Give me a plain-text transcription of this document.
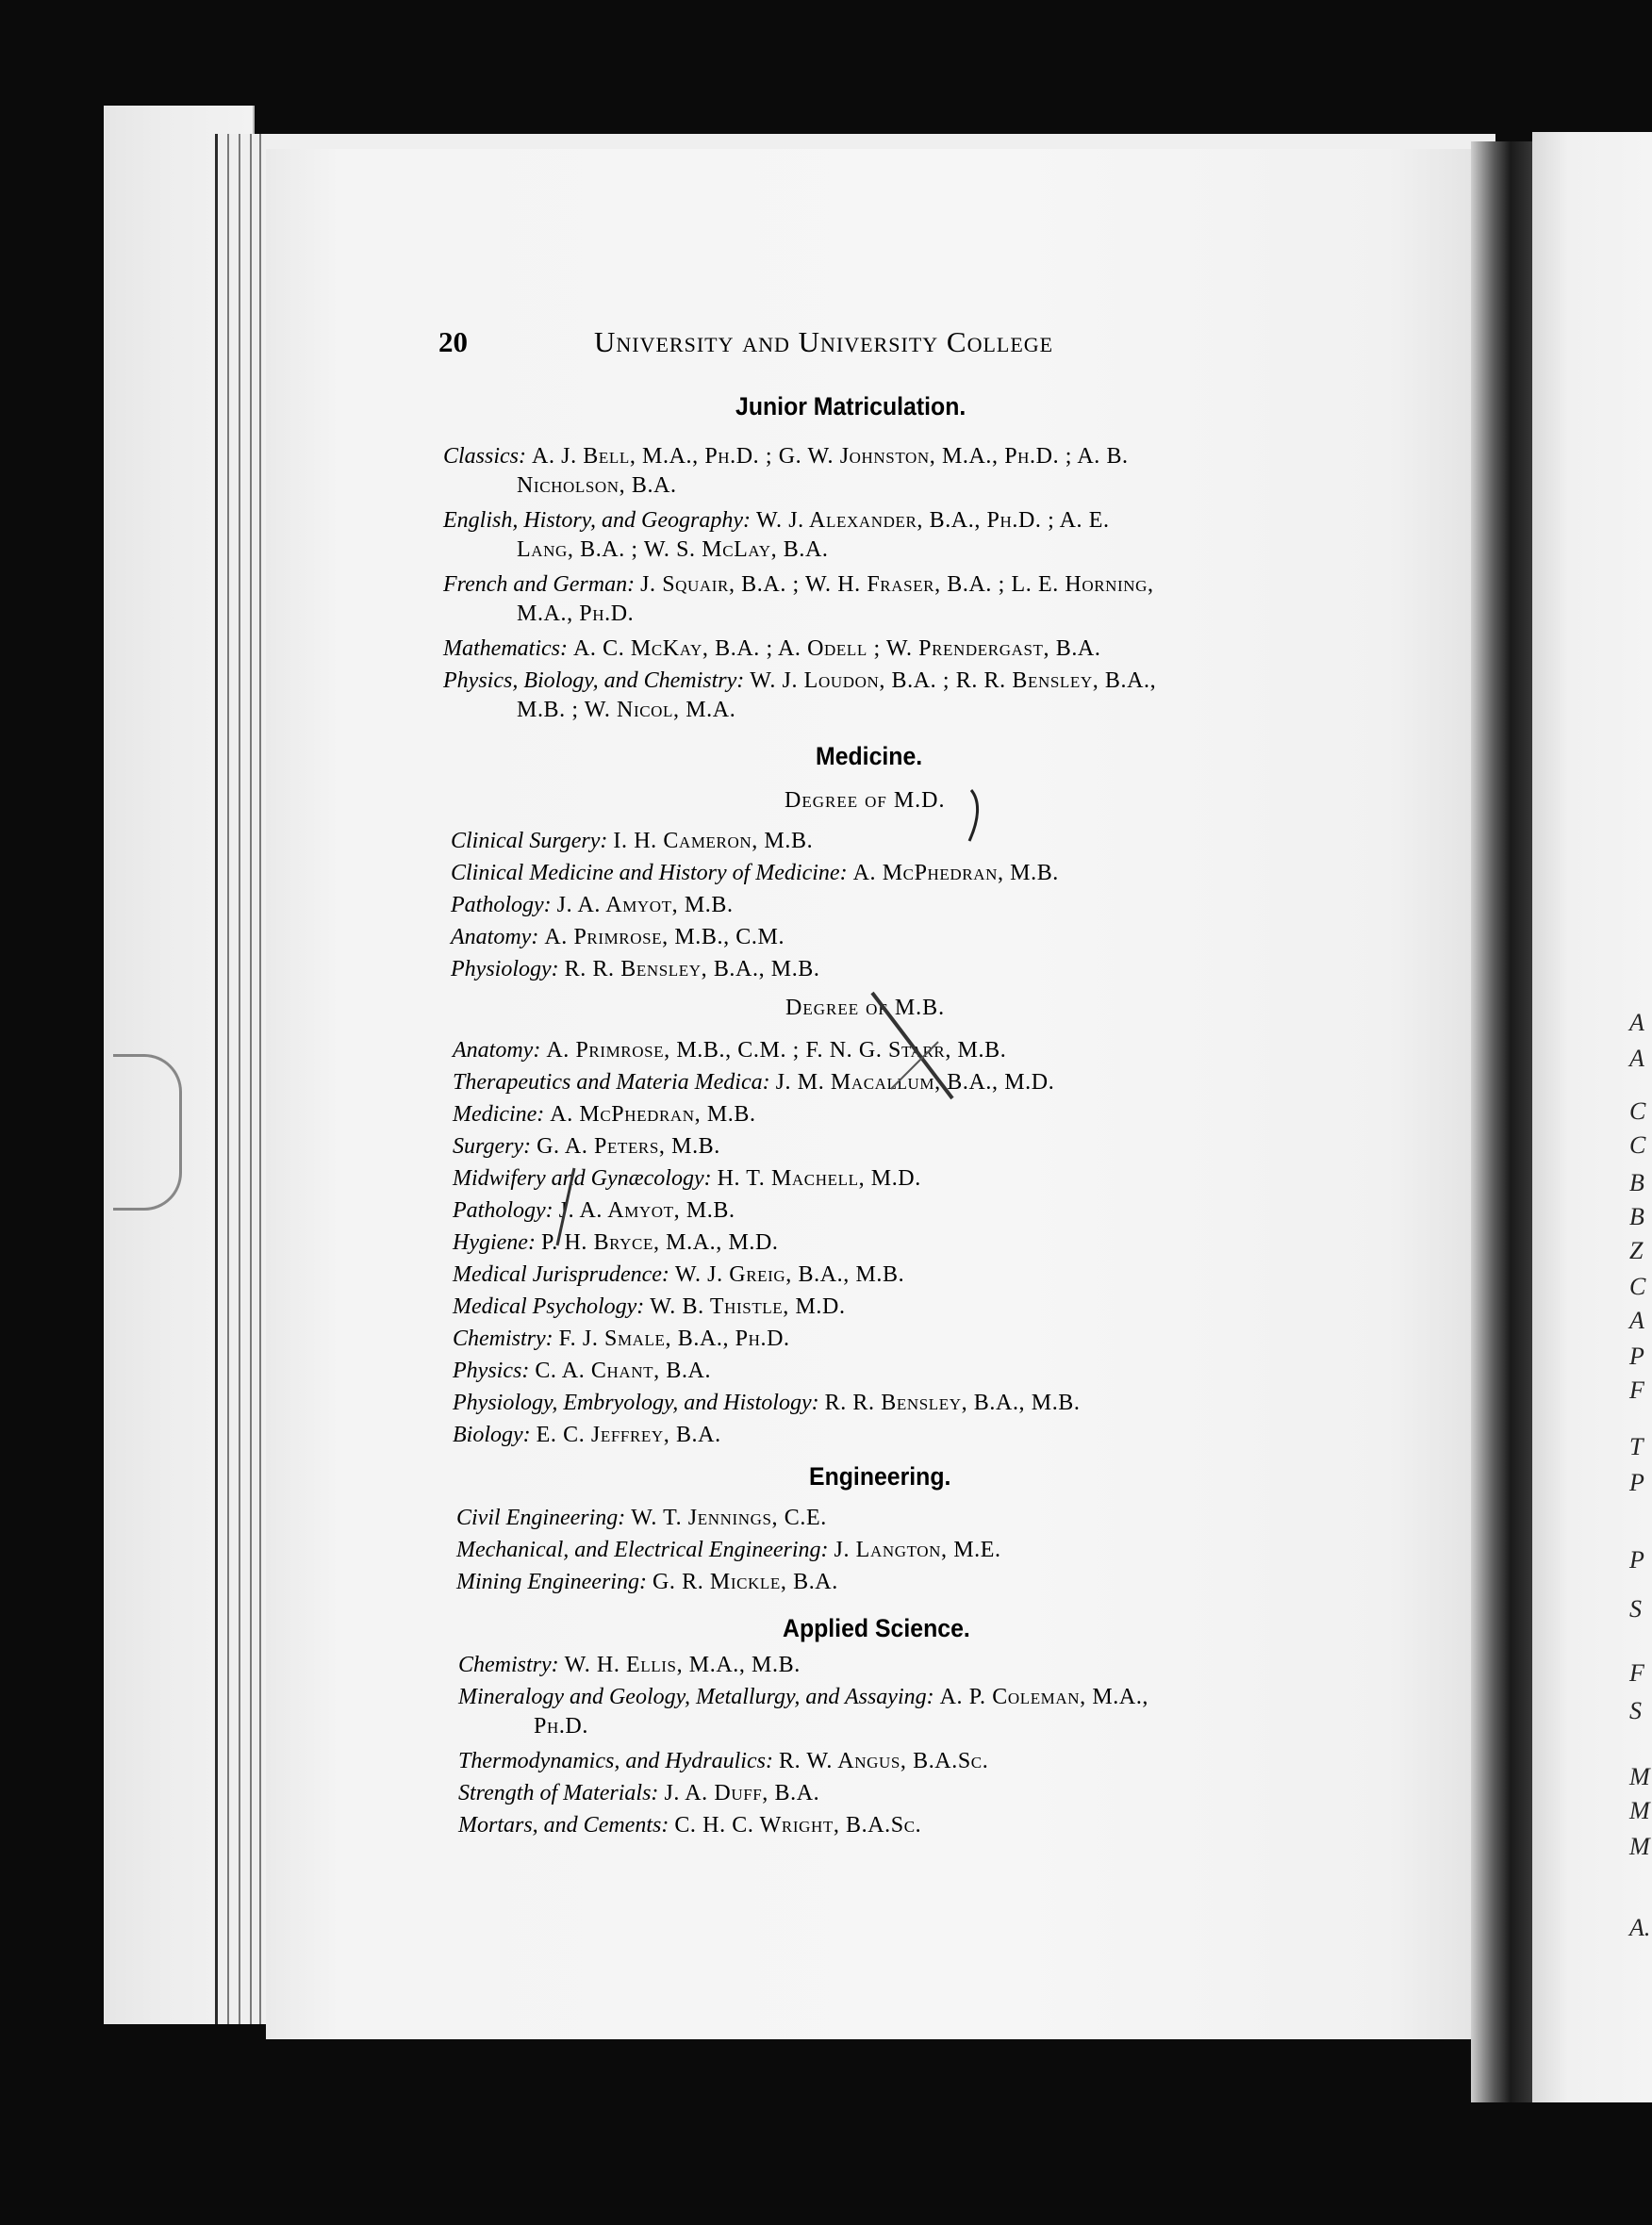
A
A
C
C
B
B
Z
C
A
P
F
T
P
P
S
F
S
M
M
M
A.
20	University and University College
Junior Matriculation.
Classics: A. J. Bell, M.A., Ph.D. ; G. W. Johnston, M.A., Ph.D. ; A. B.
Nicholson, B.A.
English, History, and Geography: W. J. Alexander, B.A., Ph.D. ; A. E.
Lang, B.A. ; W. S. McLay, B.A.
French and German: J. Squair, B.A. ; W. H. Fraser, B.A. ; L. E. Horning,
M.A., Ph.D.
Mathematics: A. C. McKay, B.A. ; A. Odell ; W. Prendergast, B.A.
Physics, Biology, and Chemistry: W. J. Loudon, B.A. ; R. R. Bensley, B.A.,
M.B. ; W. Nicol, M.A.
Medicine.
Degree of M.D.
Clinical Surgery: I. H. Cameron, M.B.
Clinical Medicine and History of Medicine: A. McPhedran, M.B.
Pathology: J. A. Amyot, M.B.
Anatomy: A. Primrose, M.B., C.M.
Physiology: R. R. Bensley, B.A., M.B.
Degree of M.B.
Anatomy: A. Primrose, M.B., C.M. ; F. N. G. Starr, M.B.
Therapeutics and Materia Medica: J. M. Macallum, B.A., M.D.
Medicine: A. McPhedran, M.B.
Surgery: G. A. Peters, M.B.
Midwifery and Gynæcology: H. T. Machell, M.D.
Pathology: J. A. Amyot, M.B.
Hygiene: P. H. Bryce, M.A., M.D.
Medical Jurisprudence: W. J. Greig, B.A., M.B.
Medical Psychology: W. B. Thistle, M.D.
Chemistry: F. J. Smale, B.A., Ph.D.
Physics: C. A. Chant, B.A.
Physiology, Embryology, and Histology: R. R. Bensley, B.A., M.B.
Biology: E. C. Jeffrey, B.A.
Engineering.
Civil Engineering: W. T. Jennings, C.E.
Mechanical, and Electrical Engineering: J. Langton, M.E.
Mining Engineering: G. R. Mickle, B.A.
Applied Science.
Chemistry: W. H. Ellis, M.A., M.B.
Mineralogy and Geology, Metallurgy, and Assaying: A. P. Coleman, M.A.,
Ph.D.
Thermodynamics, and Hydraulics: R. W. Angus, B.A.Sc.
Strength of Materials: J. A. Duff, B.A.
Mortars, and Cements: C. H. C. Wright, B.A.Sc.
